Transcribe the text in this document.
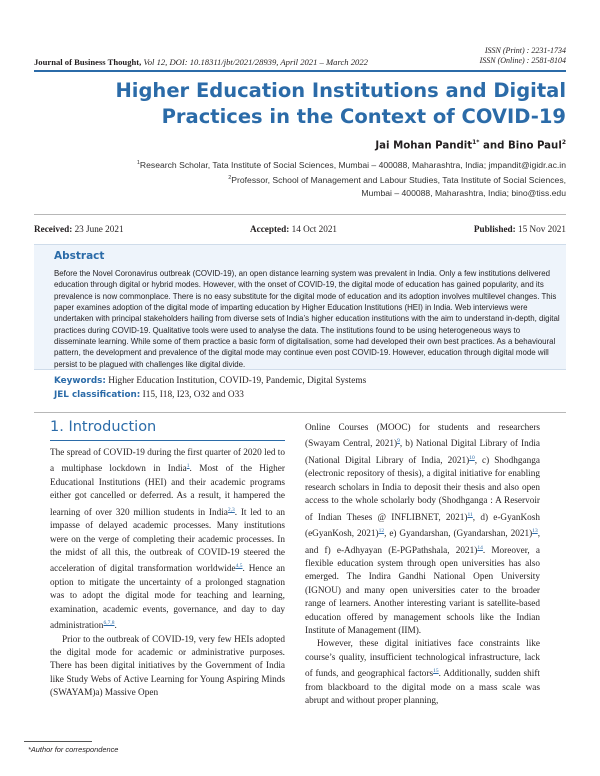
Journal of Business Thought, Vol 12, DOI: 10.18311/jbt/2021/28939, April 2021 – March 2022
ISSN (Print) : 2231-1734
ISSN (Online) : 2581-8104
Higher Education Institutions and Digital
Practices in the Context of COVID-19
Jai Mohan Pandit$^{1*}$ and Bino Paul$^2$
$^1$Research Scholar, Tata Institute of Social Sciences, Mumbai – 400088, Maharashtra, India; jmpandit@igidr.ac.in
$^2$Professor, School of Management and Labour Studies, Tata Institute of Social Sciences,
Mumbai – 400088, Maharashtra, India; bino@tiss.edu
Received: 23 June 2021	Accepted: 14 Oct 2021	Published: 15 Nov 2021
Abstract
Before the Novel Coronavirus outbreak (COVID-19), an open distance learning system was prevalent in India. Only a few institutions delivered education through digital or hybrid modes. However, with the onset of COVID-19, the digital mode of education has gained popularity, and its prevalence is now commonplace. There is no easy substitute for the digital mode of education and its adoption involves multilevel changes. This paper examines adoption of the digital mode of imparting education by Higher Education Institutions (HEI) in India. Web interviews were undertaken with principal stakeholders hailing from diverse sets of India’s higher education institutions with the aim to understand in-depth, digital practices during COVID-19. Qualitative tools were used to analyse the data. The institutions found to be using heterogeneous ways to disseminate learning. While some of them practice a basic form of digitalisation, some had developed their own best practices. As a behavioural pattern, the development and prevalence of the digital mode may continue even post COVID-19. However, education through digital mode will persist to be plagued with challenges like digital divide.
Keywords: Higher Education Institution, COVID-19, Pandemic, Digital Systems
JEL classification: I15, I18, I23, O32 and O33
1. Introduction

The spread of COVID-19 during the first quarter of 2020 led to a multiphase lockdown in India$^1$. Most of the Higher Educational Institutions (HEI) and their academic programs either got cancelled or deferred. As a result, it hampered the learning of over 320 million students in India$^{2,3}$. It led to an impasse of delayed academic processes. Many institutions were on the verge of completing their academic processes. In the midst of all this, the outbreak of COVID-19 steered the acceleration of digital transformation worldwide$^{4,5}$. Hence an option to mitigate the uncertainty of a prolonged stagnation was to adopt the digital mode for teaching and learning, examination, academic events, governance, and day to day administration$^{6,7,8}$.

Prior to the outbreak of COVID-19, very few HEIs adopted the digital mode for academic or administrative purposes. There has been digital initiatives by the Government of India like Study Webs of Active Learning for Young Aspiring Minds (SWAYAM)a) Massive Open

Online Courses (MOOC) for students and researchers (Swayam Central, 2021)$^9$, b) National Digital Library of India (National Digital Library of India, 2021)$^{10}$, c) Shodhganga (electronic repository of thesis), a digital initiative for enabling research scholars in India to deposit their thesis and also open access to the whole scholarly body (Shodhganga : A Reservoir of Indian Theses @ INFLIBNET, 2021)$^{11}$, d) e-GyanKosh (eGyanKosh, 2021)$^{12}$, e) Gyandarshan, (Gyandarshan, 2021)$^{13}$, and f) e-Adhyayan (E-PGPathshala, 2021)$^{14}$. Moreover, a flexible education system through open universities has also emerged. The Indira Gandhi National Open University (IGNOU) and many open universities cater to the broader range of learners. Another interesting variant is satellite-based education offered by management schools like the Indian Institute of Management (IIM).

However, these digital initiatives face constraints like course’s quality, insufficient technological infrastructure, lack of funds, and geographical factors$^{15}$. Additionally, sudden shift from blackboard to the digital mode on a mass scale was abrupt and without proper planning,

*Author for correspondence
